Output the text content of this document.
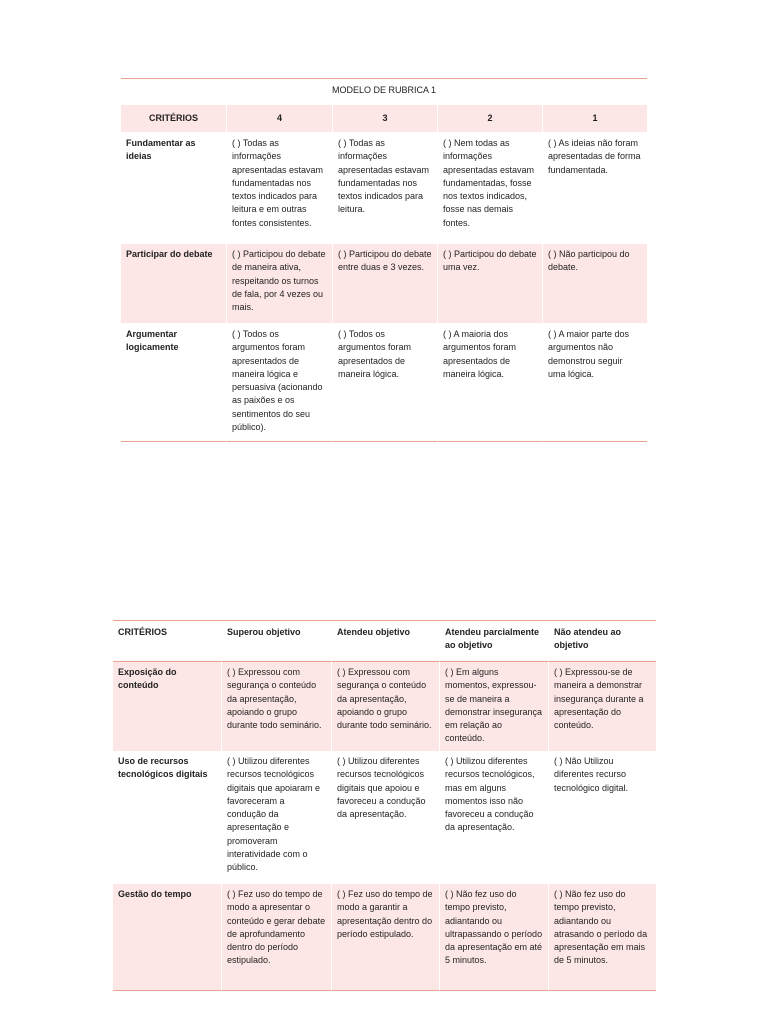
MODELO DE RUBRICA 1				
CRITÉRIOS	4	3	2	1
Fundamentar as ideias	( ) Todas as informações apresentadas estavam fundamentadas nos textos indicados para leitura e em outras fontes consistentes.	( ) Todas as informações apresentadas estavam fundamentadas nos textos indicados para leitura.	( ) Nem todas as informações apresentadas estavam fundamentadas, fosse nos textos indicados, fosse nas demais fontes.	( ) As ideias não foram apresentadas de forma fundamentada.
Participar do debate	( ) Participou do debate de maneira ativa, respeitando os turnos de fala, por 4 vezes ou mais.	( ) Participou do debate entre duas e 3 vezes.	( ) Participou do debate uma vez.	( ) Não participou do debate.
Argumentar logicamente	( ) Todos os argumentos foram apresentados de maneira lógica e persuasiva (acionando as paixões e os sentimentos do seu público).	( ) Todos os argumentos foram apresentados de maneira lógica.	( ) A maioria dos argumentos foram apresentados de maneira lógica.	( ) A maior parte dos argumentos não demonstrou seguir uma lógica.
CRITÉRIOS	Superou objetivo	Atendeu objetivo	Atendeu parcialmente ao objetivo	Não atendeu ao objetivo
Exposição do conteúdo	( ) Expressou com segurança o conteúdo da apresentação, apoiando o grupo durante todo seminário.	( ) Expressou com segurança o conteúdo da apresentação, apoiando o grupo durante todo seminário.	( ) Em alguns momentos, expressou-se de maneira a demonstrar insegurança em relação ao conteúdo.	( ) Expressou-se de maneira a demonstrar insegurança durante a apresentação do conteúdo.
Uso de recursos tecnológicos digitais	( ) Utilizou diferentes recursos tecnológicos digitais que apoiaram e favoreceram a condução da apresentação e promoveram interatividade com o público.	( ) Utilizou diferentes recursos tecnológicos digitais que apoiou e favoreceu a condução da apresentação.	( ) Utilizou diferentes recursos tecnológicos, mas em alguns momentos isso não favoreceu a condução da apresentação.	( ) Não Utilizou diferentes recurso tecnológico digital.
Gestão do tempo	( ) Fez uso do tempo de modo a apresentar o conteúdo e gerar debate de aprofundamento dentro do período estipulado.	( ) Fez uso do tempo de modo a garantir a apresentação dentro do período estipulado.	( ) Não fez uso do tempo previsto, adiantando ou ultrapassando o período da apresentação em até 5 minutos.	( ) Não fez uso do tempo previsto, adiantando ou atrasando o período da apresentação em mais de 5 minutos.
